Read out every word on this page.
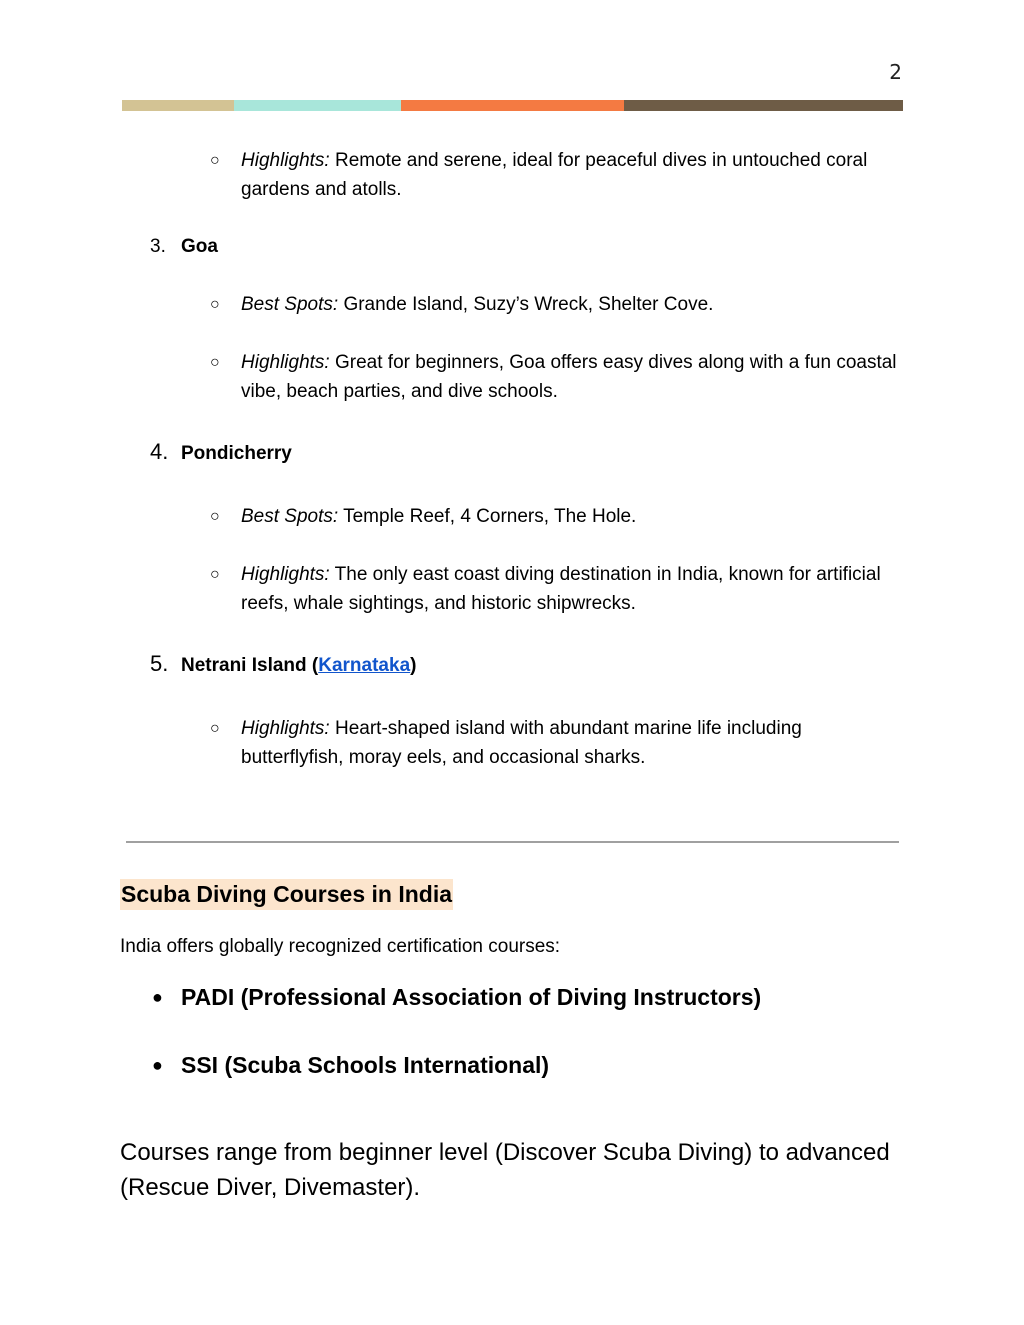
2
○ Highlights: Remote and serene, ideal for peaceful dives in untouched coral gardens and atolls.
3. Goa
○ Best Spots: Grande Island, Suzy’s Wreck, Shelter Cove.
○ Highlights: Great for beginners, Goa offers easy dives along with a fun coastal vibe, beach parties, and dive schools.
4. Pondicherry
○ Best Spots: Temple Reef, 4 Corners, The Hole.
○ Highlights: The only east coast diving destination in India, known for artificial reefs, whale sightings, and historic shipwrecks.
5. Netrani Island (Karnataka)
○ Highlights: Heart-shaped island with abundant marine life including butterflyfish, moray eels, and occasional sharks.
Scuba Diving Courses in India
India offers globally recognized certification courses:
● PADI (Professional Association of Diving Instructors)
● SSI (Scuba Schools International)
Courses range from beginner level (Discover Scuba Diving) to advanced (Rescue Diver, Divemaster).
